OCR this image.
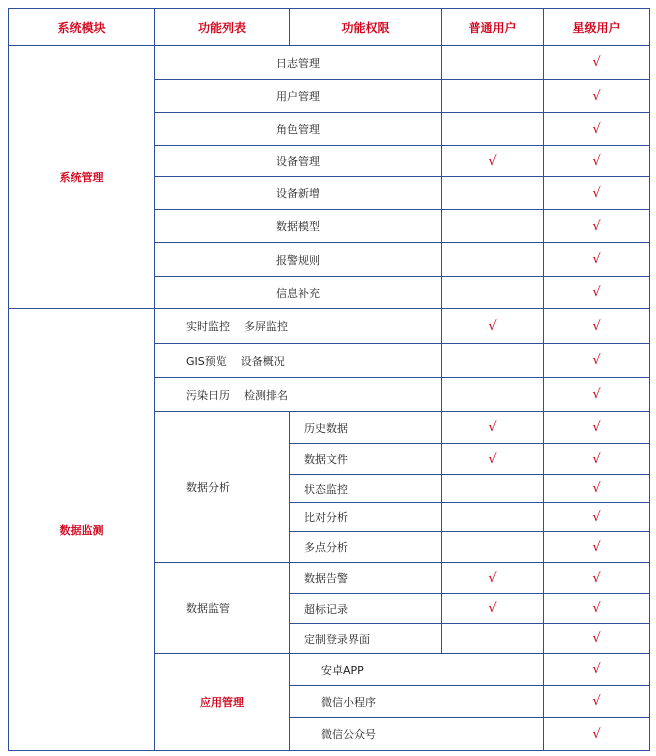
系统模块	功能列表	功能权限	普通用户	星级用户	
系统管理	日志管理			√	
	用户管理			√	
	角色管理			√	
	设备管理		√	√	
	设备新增			√	
	数据模型			√	
	报警规则			√	
	信息补充			√	
数据监测	实时监控 多屏监控		√	√	
	GIS预览 设备概况			√	
	污染日历 检测排名			√	
	数据分析	历史数据	√	√	
		数据文件	√	√	
		状态监控		√	
		比对分析		√	
		多点分析		√	
	数据监管	数据告警	√	√	
		超标记录	√	√	
		定制登录界面		√	
	应用管理	安卓APP		√	
		微信小程序		√	
		微信公众号		√	
